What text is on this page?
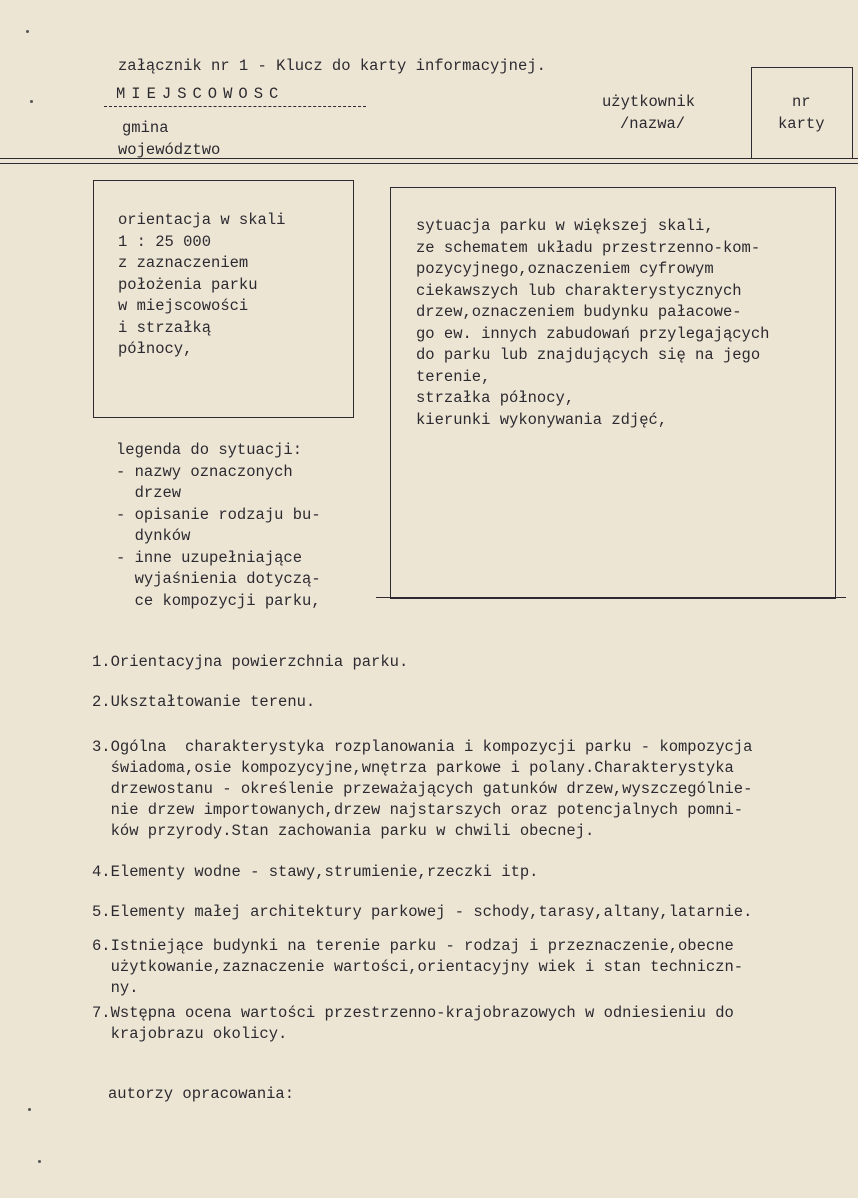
załącznik nr 1 - Klucz do karty informacyjnej.
MIEJSCOWOSC
gmina
województwo
użytkownik
/nazwa/
nr
karty
orientacja w skali
1 : 25 000
z zaznaczeniem
położenia parku
w miejscowości
i strzałką
północy,
sytuacja parku w większej skali,
ze schematem układu przestrzenno-kom-
pozycyjnego,oznaczeniem cyfrowym
ciekawszych lub charakterystycznych
drzew,oznaczeniem budynku pałacowe-
go ew. innych zabudowań przylegających
do parku lub znajdujących się na jego
terenie,
strzałka północy,
kierunki wykonywania zdjęć,
legenda do sytuacji:
- nazwy oznaczonych
drzew
- opisanie rodzaju bu-
dynków
- inne uzupełniające
wyjaśnienia dotyczą-
ce kompozycji parku,
1.Orientacyjna powierzchnia parku.
2.Ukształtowanie terenu.
3.Ogólna  charakterystyka rozplanowania i kompozycji parku - kompozycja
świadoma,osie kompozycyjne,wnętrza parkowe i polany.Charakterystyka
drzewostanu - określenie przeważających gatunków drzew,wyszczególnie-
nie drzew importowanych,drzew najstarszych oraz potencjalnych pomni-
ków przyrody.Stan zachowania parku w chwili obecnej.
4.Elementy wodne - stawy,strumienie,rzeczki itp.
5.Elementy małej architektury parkowej - schody,tarasy,altany,latarnie.
6.Istniejące budynki na terenie parku - rodzaj i przeznaczenie,obecne
użytkowanie,zaznaczenie wartości,orientacyjny wiek i stan techniczn-
ny.
7.Wstępna ocena wartości przestrzenno-krajobrazowych w odniesieniu do
krajobrazu okolicy.
autorzy opracowania:
